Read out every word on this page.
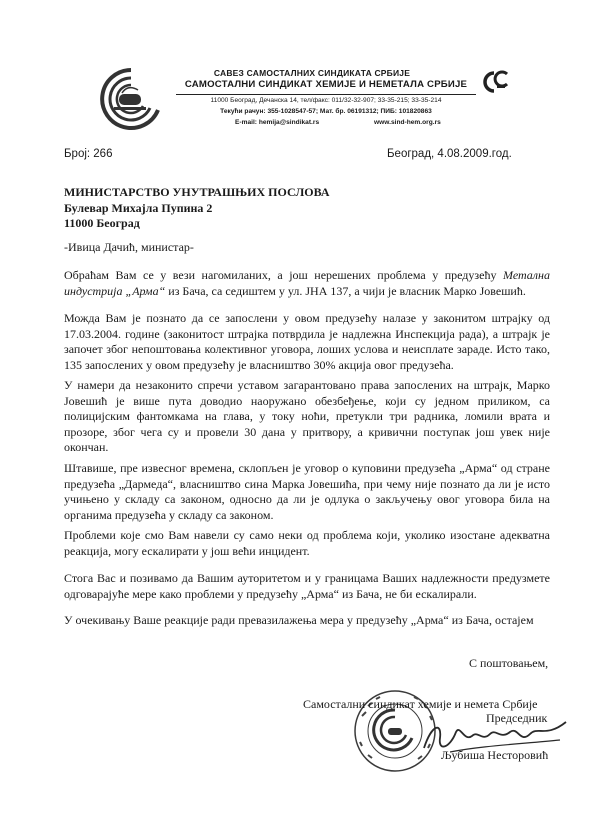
САВЕЗ САМОСТАЛНИХ СИНДИКАТА СРБИЈЕ
САМОСТАЛНИ СИНДИКАТ ХЕМИЈЕ И НЕМЕТАЛА СРБИЈЕ
11000 Београд, Дечанска 14, тел/факс: 011/32-32-907; 33-35-215; 33-35-214
Текући рачун: 355-1028547-57; Мат. бр. 06191312; ПИБ: 101820863
E-mail: hemija@sindikat.rs	www.sind-hem.org.rs
Број: 266	Београд, 4.08.2009.год.
МИНИСТАРСТВО УНУТРАШЊИХ ПОСЛОВА
Булевар Михајла Пупина 2
11000 Београд
-Ивица Дачић, министар-
Обраћам Вам се у вези нагомиланих, а још нерешених проблема у предузећу Метална индустрија „Арма“ из Бача, са седиштем у ул. ЈНА 137, а чији је власник Марко Јовешић.
Можда Вам је познато да се запослени у овом предузећу налазе у законитом штрајку од 17.03.2004. године (законитост штрајка потврдила је надлежна Инспекција рада), а штрајк је започет због непоштовања колективног уговора, лоших услова и неисплате зараде. Исто тако, 135 запослених у овом предузећу је власништво 30% акција овог предузећа.
У намери да незаконито спречи уставом загарантовано права запослених на штрајк, Марко Јовешић је више пута доводио наоружано обезбеђење, који су једном приликом, са полицијским фантомкама на глава, у току ноћи, претукли три радника, ломили врата и прозоре, због чега су и провели 30 дана у притвору, а кривични поступак још увек није окончан.
Штавише, пре извесног времена, склопљен је уговор о куповини предузећа „Арма“ од стране предузећа „Дармеда“, власништво сина Марка Јовешића, при чему није познато да ли је исто учињено у складу са законом, односно да ли је одлука о закључењу овог уговора била на органима предузећа у складу са законом.
Проблеми које смо Вам навели су само неки од проблема који, уколико изостане адекватна реакција, могу ескалирати у још већи инцидент.
Стога Вас и позивамо да Вашим ауторитетом и у границама Ваших надлежности предузмете одговарајуће мере како проблеми у предузећу „Арма“ из Бача, не би ескалирали.
У очекивању Ваше реакције ради превазилажења мера у предузећу „Арма“ из Бача, остајем
С поштовањем,
Самостални синдикат хемије и немета Србије
Председник
Љубиша Несторовић
